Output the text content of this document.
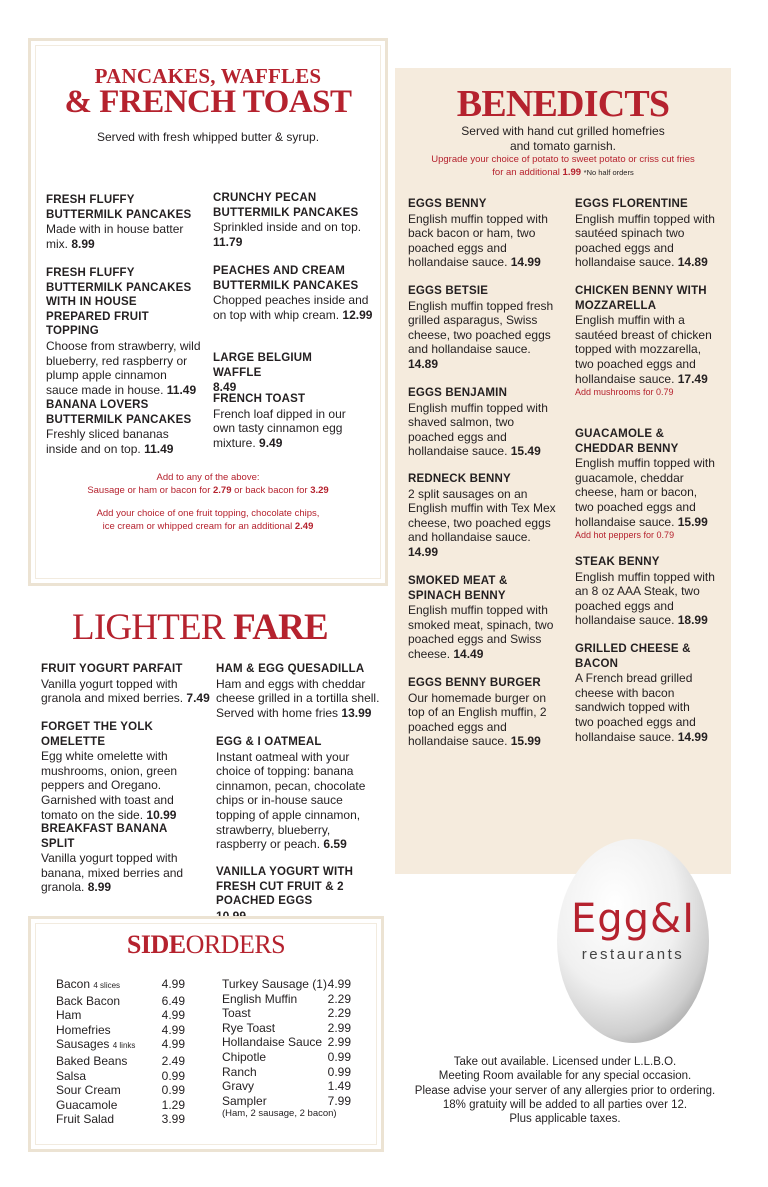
PANCAKES, WAFFLES
& FRENCH TOAST
Served with fresh whipped butter & syrup.
FRESH FLUFFY BUTTERMILK PANCAKES
Made with in house batter mix. 8.99
FRESH FLUFFY BUTTERMILK PANCAKES WITH IN HOUSE PREPARED FRUIT TOPPING
Choose from strawberry, wild blueberry, red raspberry or plump apple cinnamon sauce made in house. 11.49
BANANA LOVERS BUTTERMILK PANCAKES
Freshly sliced bananas inside and on top. 11.49
CRUNCHY PECAN BUTTERMILK PANCAKES
Sprinkled inside and on top. 11.79
PEACHES AND CREAM BUTTERMILK PANCAKES
Chopped peaches inside and on top with whip cream. 12.99
LARGE BELGIUM WAFFLE
8.49
FRENCH TOAST
French loaf dipped in our own tasty cinnamon egg mixture. 9.49
Add to any of the above:
Sausage or ham or bacon for 2.79 or back bacon for 3.29
Add your choice of one fruit topping, chocolate chips,
ice cream or whipped cream for an additional 2.49
LIGHTER FARE
FRUIT YOGURT PARFAIT
Vanilla yogurt topped with granola and mixed berries. 7.49
FORGET THE YOLK OMELETTE
Egg white omelette with mushrooms, onion, green peppers and Oregano. Garnished with toast and tomato on the side. 10.99
BREAKFAST BANANA SPLIT
Vanilla yogurt topped with banana, mixed berries and granola. 8.99
HAM & EGG QUESADILLA
Ham and eggs with cheddar cheese grilled in a tortilla shell. Served with home fries 13.99
EGG & I OATMEAL
Instant oatmeal with your choice of topping: banana cinnamon, pecan, chocolate chips or in-house sauce topping of apple cinnamon, strawberry, blueberry, raspberry or peach. 6.59
VANILLA YOGURT WITH FRESH CUT FRUIT & 2 POACHED EGGS
SIDEORDERS
Bacon 4 slices	4.99
Back Bacon	6.49
Ham	4.99
Homefries	4.99
Sausages 4 links 4.99
Baked Beans	2.49
Salsa	0.99
Sour Cream	0.99
Guacamole	1.29
Fruit Salad	3.99
Turkey Sausage (1) 4.99
English Muffin	2.29
Toast	2.29
Rye Toast	2.99
Hollandaise Sauce 2.99
Chipotle	0.99
Ranch	0.99
Gravy	1.49
Sampler	7.99
(Ham, 2 sausage, 2 bacon)
BENEDICTS
Served with hand cut grilled homefries
and tomato garnish.
Upgrade your choice of potato to sweet potato or criss cut fries
for an additional 1.99 *No half orders
EGGS BENNY
English muffin topped with back bacon or ham, two poached eggs and hollandaise sauce. 14.99
EGGS BETSIE
English muffin topped fresh grilled asparagus, Swiss cheese, two poached eggs and hollandaise sauce. 14.89
EGGS BENJAMIN
English muffin topped with shaved salmon, two poached eggs and hollandaise sauce. 15.49
REDNECK BENNY
2 split sausages on an English muffin with Tex Mex cheese, two poached eggs and hollandaise sauce. 14.99
SMOKED MEAT & SPINACH BENNY
English muffin topped with smoked meat, spinach, two poached eggs and Swiss cheese. 14.49
EGGS BENNY BURGER
Our homemade burger on top of an English muffin, 2 poached eggs and hollandaise sauce. 15.99
EGGS FLORENTINE
English muffin topped with sautéed spinach two poached eggs and hollandaise sauce. 14.89
CHICKEN BENNY WITH MOZZARELLA
English muffin with a sautéed breast of chicken topped with mozzarella, two poached eggs and hollandaise sauce. 17.49
Add mushrooms for 0.79
GUACAMOLE & CHEDDAR BENNY
English muffin topped with guacamole, cheddar cheese, ham or bacon, two poached eggs and hollandaise sauce. 15.99
Add hot peppers for 0.79
STEAK BENNY
English muffin topped with an 8 oz AAA Steak, two poached eggs and hollandaise sauce. 18.99
GRILLED CHEESE & BACON
A French bread grilled cheese with bacon sandwich topped with two poached eggs and hollandaise sauce. 14.99
Egg&I
restaurants
Take out available. Licensed under L.L.B.O.
Meeting Room available for any special occasion.
Please advise your server of any allergies prior to ordering.
18% gratuity will be added to all parties over 12.
Plus applicable taxes.
